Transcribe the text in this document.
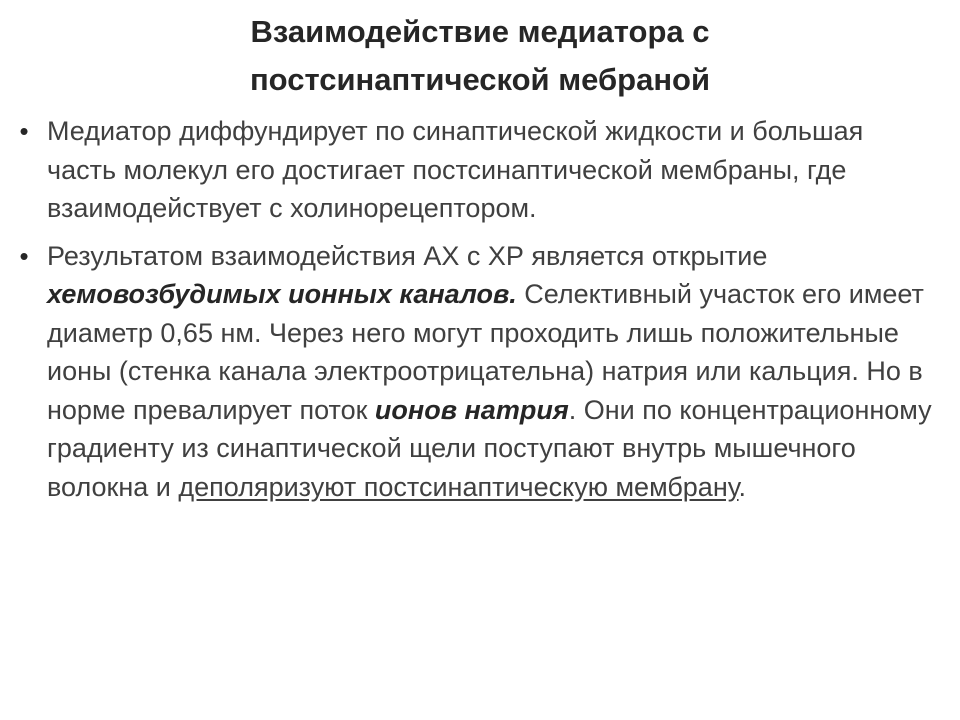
Взаимодействие медиатора с
постсинаптической мебраной
• Медиатор диффундирует по синаптической жидкости и большая часть молекул его достигает постсинаптической мембраны, где взаимодействует с холинорецептором.
• Результатом взаимодействия АХ с ХР является открытие хемовозбудимых ионных каналов. Селективный участок его имеет диаметр 0,65 нм. Через него могут проходить лишь положительные ионы (стенка канала электроотрицательна) натрия или кальция. Но в норме превалирует поток ионов натрия. Они по концентрационному градиенту из синаптической щели поступают внутрь мышечного волокна и деполяризуют постсинаптическую мембрану.
